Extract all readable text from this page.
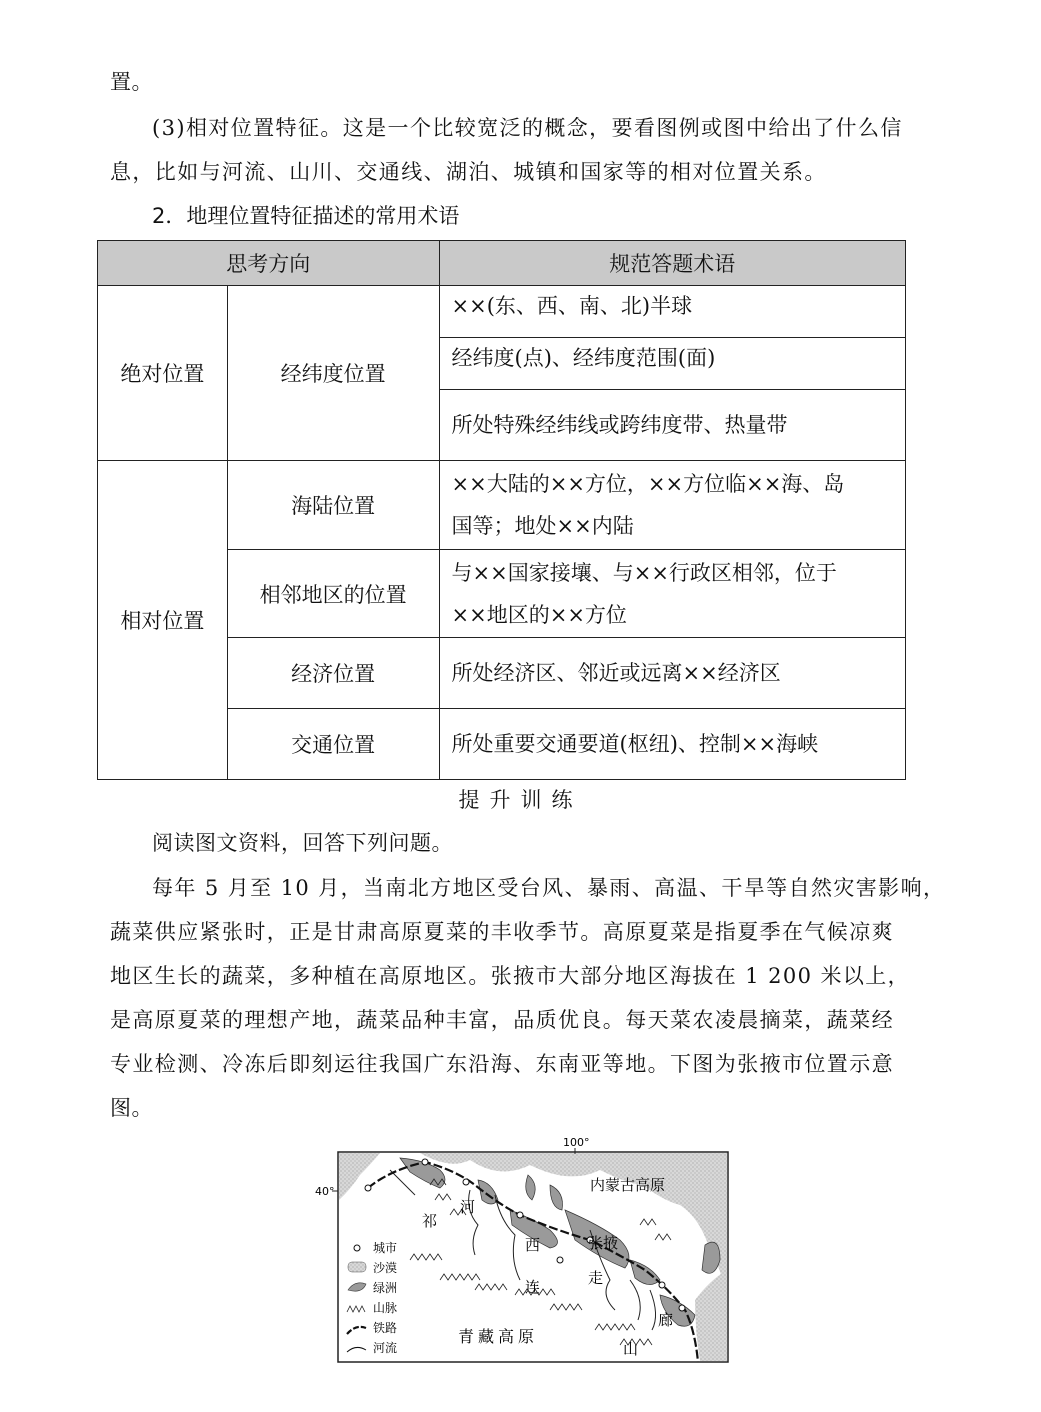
置。
(3)相对位置特征。这是一个比较宽泛的概念，要看图例或图中给出了什么信
息，比如与河流、山川、交通线、湖泊、城镇和国家等的相对位置关系。
2．地理位置特征描述的常用术语
思考方向		规范答题术语
绝对位置	经纬度位置	××(东、西、南、北)半球
		经纬度(点)、经纬度范围(面)
		所处特殊经纬线或跨纬度带、热量带
相对位置	海陆位置	××大陆的××方位，××方位临××海、岛
国等；地处××内陆

	相邻地区的位置	与××国家接壤、与××行政区相邻，位于
××地区的××方位

	经济位置	所处经济区、邻近或远离××经济区
	交通位置	所处重要交通要道(枢纽)、控制××海峡
提升训练
阅读图文资料，回答下列问题。
每年 5 月至 10 月，当南北方地区受台风、暴雨、高温、干旱等自然灾害影响，
蔬菜供应紧张时，正是甘肃高原夏菜的丰收季节。高原夏菜是指夏季在气候凉爽
地区生长的蔬菜，多种植在高原地区。张掖市大部分地区海拔在 1 200 米以上，
是高原夏菜的理想产地，蔬菜品种丰富，品质优良。每天菜农凌晨摘菜，蔬菜经
专业检测、冷冻后即刻运往我国广东沿海、东南亚等地。下图为张掖市位置示意
图。
100°
40°	内蒙古高原
青藏高原
张掖
河
西
走
廊
祁
连
山
城市
沙漠
绿洲
山脉
铁路
河流
